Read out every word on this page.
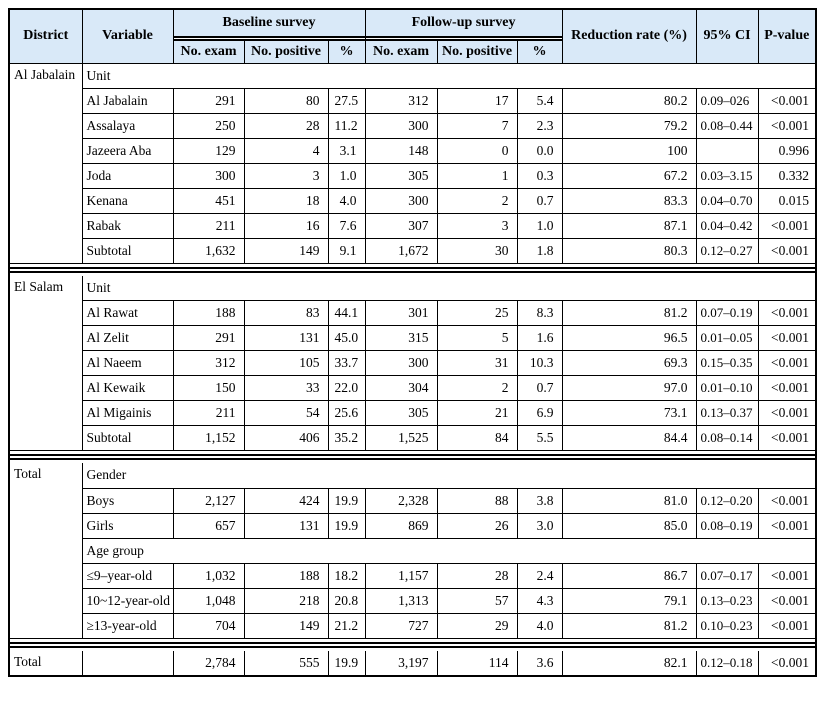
District	Variable	Baseline survey			Follow-up survey			Reduction rate (%)	95% CI	P-value

		No. exam	No. positive	%	No. exam	No. positive	%			
Al Jabalain	Unit									
	Al Jabalain	291	80	27.5	312	17	5.4	80.2	0.09–026	<0.001
	Assalaya	250	28	11.2	300	7	2.3	79.2	0.08–0.44	<0.001
	Jazeera Aba	129	4	3.1	148	0	0.0	100		0.996
	Joda	300	3	1.0	305	1	0.3	67.2	0.03–3.15	0.332
	Kenana	451	18	4.0	300	2	0.7	83.3	0.04–0.70	0.015
	Rabak	211	16	7.6	307	3	1.0	87.1	0.04–0.42	<0.001
	Subtotal	1,632	149	9.1	1,672	30	1.8	80.3	0.12–0.27	<0.001

El Salam	Unit									
	Al Rawat	188	83	44.1	301	25	8.3	81.2	0.07–0.19	<0.001
	Al Zelit	291	131	45.0	315	5	1.6	96.5	0.01–0.05	<0.001
	Al Naeem	312	105	33.7	300	31	10.3	69.3	0.15–0.35	<0.001
	Al Kewaik	150	33	22.0	304	2	0.7	97.0	0.01–0.10	<0.001
	Al Migainis	211	54	25.6	305	21	6.9	73.1	0.13–0.37	<0.001
	Subtotal	1,152	406	35.2	1,525	84	5.5	84.4	0.08–0.14	<0.001

Total	Gender									
	Boys	2,127	424	19.9	2,328	88	3.8	81.0	0.12–0.20	<0.001
	Girls	657	131	19.9	869	26	3.0	85.0	0.08–0.19	<0.001
	Age group									
	≤9–year-old	1,032	188	18.2	1,157	28	2.4	86.7	0.07–0.17	<0.001
	10~12-year-old	1,048	218	20.8	1,313	57	4.3	79.1	0.13–0.23	<0.001
	≥13-year-old	704	149	21.2	727	29	4.0	81.2	0.10–0.23	<0.001

Total		2,784	555	19.9	3,197	114	3.6	82.1	0.12–0.18	<0.001
